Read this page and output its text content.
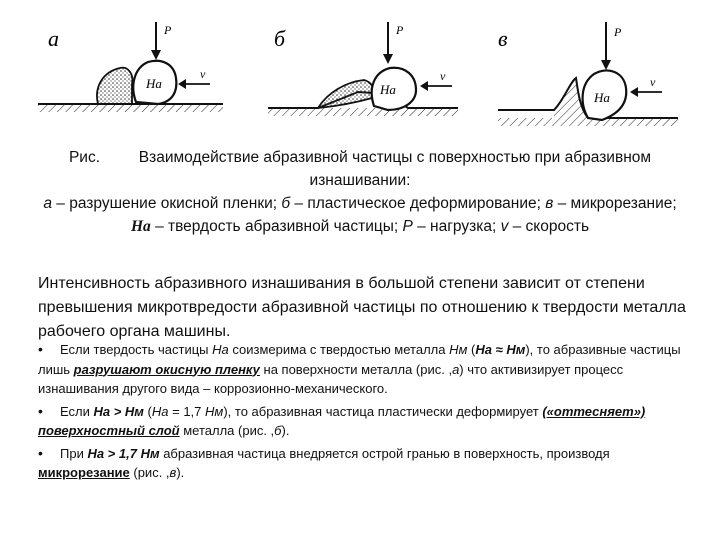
а
Hа
P
v
б
Hа
P
v
в
Hа
P
v
Рис.	Взаимодействие абразивной частицы с поверхностью при абразивном изнашивании:
а – разрушение окисной пленки; б – пластическое деформирование; в – микрорезание; Hа – твердость абразивной частицы; P – нагрузка; v – скорость
Интенсивность абразивного изнашивания в большой степени зависит от степени превышения микротвредости абразивной частицы по отношению к твердости металла рабочего органа машины.
• Если твердость частицы На соизмерима с твердостью металла Нм (На ≈ Нм), то абразивные частицы лишь разрушают окисную пленку на поверхности металла (рис. ,а) что активизирует процесс изнашивания другого вида – коррозионно-механического.
• Если На > Нм (На = 1,7 Нм), то абразивная частица пластически деформирует («оттесняет») поверхностный слой металла (рис. ,б).
• При На > 1,7 Нм абразивная частица внедряется острой гранью в поверхность, производя микрорезание (рис. ,в).
